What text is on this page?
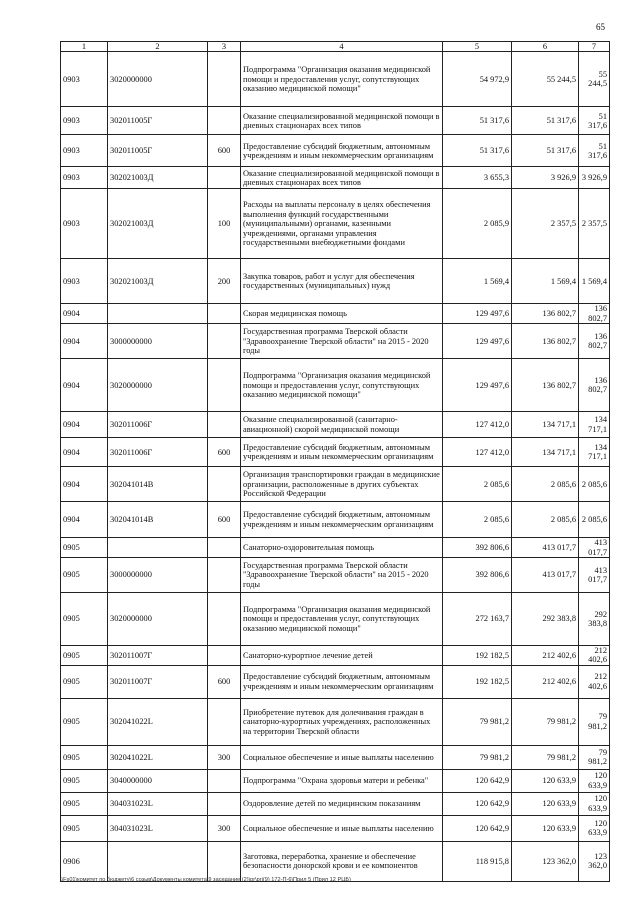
65
1	2	3	4	5	6	7
0903	3020000000		Подпрограмма "Организация оказания медицинской помощи и предоставления услуг, сопутствующих оказанию медицинской помощи"	54 972,9	55 244,5	55 244,5
0903	302011005Г		Оказание специализированной медицинской помощи в дневных стационарах всех типов	51 317,6	51 317,6	51 317,6
0903	302011005Г	600	Предоставление субсидий бюджетным, автономным учреждениям и иным некоммерческим организациям	51 317,6	51 317,6	51 317,6
0903	302021003Д		Оказание специализированной медицинской помощи в дневных стационарах всех типов	3 655,3	3 926,9	3 926,9
0903	302021003Д	100	Расходы на выплаты персоналу в целях обеспечения выполнения функций государственными (муниципальными) органами, казенными учреждениями, органами управления государственными внебюджетными фондами	2 085,9	2 357,5	2 357,5
0903	302021003Д	200	Закупка товаров, работ и услуг для обеспечения государственных (муниципальных) нужд	1 569,4	1 569,4	1 569,4
0904			Скорая медицинская помощь	129 497,6	136 802,7	136 802,7
0904	3000000000		Государственная программа Тверской области "Здравоохранение Тверской области" на 2015 - 2020 годы	129 497,6	136 802,7	136 802,7
0904	3020000000		Подпрограмма "Организация оказания медицинской помощи и предоставления услуг, сопутствующих оказанию медицинской помощи"	129 497,6	136 802,7	136 802,7
0904	302011006Г		Оказание специализированной (санитарно-авиационной) скорой медицинской помощи	127 412,0	134 717,1	134 717,1
0904	302011006Г	600	Предоставление субсидий бюджетным, автономным учреждениям и иным некоммерческим организациям	127 412,0	134 717,1	134 717,1
0904	302041014В		Организация транспортировки граждан в медицинские организации, расположенные в других субъектах Российской Федерации	2 085,6	2 085,6	2 085,6
0904	302041014В	600	Предоставление субсидий бюджетным, автономным учреждениям и иным некоммерческим организациям	2 085,6	2 085,6	2 085,6
0905			Санаторно-оздоровительная помощь	392 806,6	413 017,7	413 017,7
0905	3000000000		Государственная программа Тверской области "Здравоохранение Тверской области" на 2015 - 2020 годы	392 806,6	413 017,7	413 017,7
0905	3020000000		Подпрограмма "Организация оказания медицинской помощи и предоставления услуг, сопутствующих оказанию медицинской помощи"	272 163,7	292 383,8	292 383,8
0905	302011007Г		Санаторно-курортное лечение детей	192 182,5	212 402,6	212 402,6
0905	302011007Г	600	Предоставление субсидий бюджетным, автономным учреждениям и иным некоммерческим организациям	192 182,5	212 402,6	212 402,6
0905	302041022L		Приобретение путевок для долечивания граждан в санаторно-курортных учреждениях, расположенных на территории Тверской области	79 981,2	79 981,2	79 981,2
0905	302041022L	300	Социальное обеспечение и иные выплаты населению	79 981,2	79 981,2	79 981,2
0905	3040000000		Подпрограмма "Охрана здоровья матери и ребенка"	120 642,9	120 633,9	120 633,9
0905	304031023L		Оздоровление детей по медицинским показаниям	120 642,9	120 633,9	120 633,9
0905	304031023L	300	Социальное обеспечение и иные выплаты населению	120 642,9	120 633,9	120 633,9
0906			Заготовка, переработка, хранение и обеспечение безопасности донорской крови и ее компонентов	118 915,8	123 362,0	123 362,0
\\Fs01\комитет по бюджету\6 созыв\Документы комитета\9 заседание (2)\pr\pri(9) 172-П-6\Прил 5 (Прил 12 РЦБ)
